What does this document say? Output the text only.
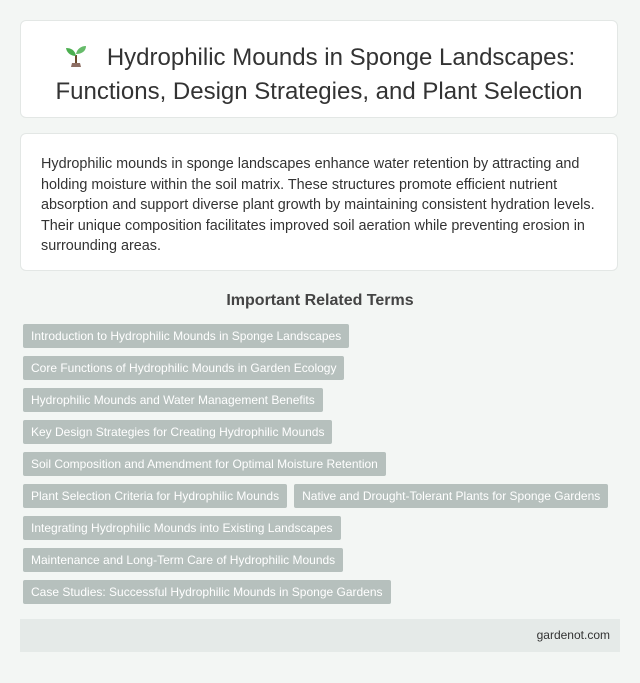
Hydrophilic Mounds in Sponge Landscapes:
Functions, Design Strategies, and Plant Selection

Hydrophilic mounds in sponge landscapes enhance water retention by attracting and holding moisture within the soil matrix. These structures promote efficient nutrient absorption and support diverse plant growth by maintaining consistent hydration levels. Their unique composition facilitates improved soil aeration while preventing erosion in surrounding areas.

Important Related Terms
Introduction to Hydrophilic Mounds in Sponge Landscapes
Core Functions of Hydrophilic Mounds in Garden Ecology
Hydrophilic Mounds and Water Management Benefits
Key Design Strategies for Creating Hydrophilic Mounds
Soil Composition and Amendment for Optimal Moisture Retention
Plant Selection Criteria for Hydrophilic Mounds	Native and Drought-Tolerant Plants for Sponge Gardens
Integrating Hydrophilic Mounds into Existing Landscapes
Maintenance and Long-Term Care of Hydrophilic Mounds
Case Studies: Successful Hydrophilic Mounds in Sponge Gardens
gardenot.com
